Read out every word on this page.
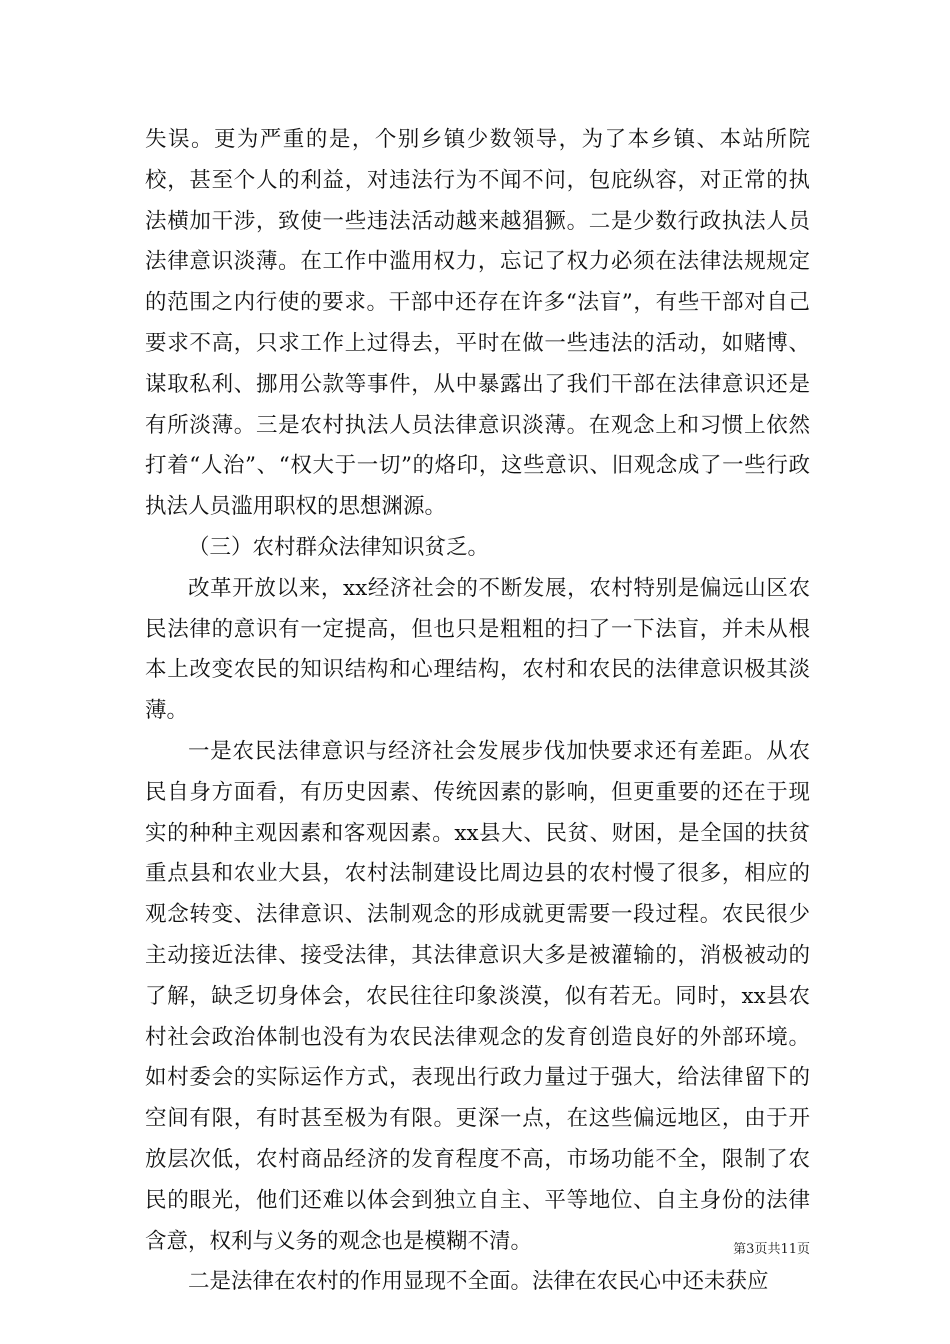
失误。更为严重的是，个别乡镇少数领导，为了本乡镇、本站所院校，甚至个人的利益，对违法行为不闻不问，包庇纵容，对正常的执法横加干涉，致使一些违法活动越来越猖獗。二是少数行政执法人员法律意识淡薄。在工作中滥用权力，忘记了权力必须在法律法规规定的范围之内行使的要求。干部中还存在许多“法盲”，有些干部对自己要求不高，只求工作上过得去，平时在做一些违法的活动，如赌博、谋取私利、挪用公款等事件，从中暴露出了我们干部在法律意识还是有所淡薄。三是农村执法人员法律意识淡薄。在观念上和习惯上依然打着“人治”、“权大于一切”的烙印，这些意识、旧观念成了一些行政执法人员滥用职权的思想渊源。

（三）农村群众法律知识贫乏。

改革开放以来，xx经济社会的不断发展，农村特别是偏远山区农民法律的意识有一定提高，但也只是粗粗的扫了一下法盲，并未从根本上改变农民的知识结构和心理结构，农村和农民的法律意识极其淡薄。

一是农民法律意识与经济社会发展步伐加快要求还有差距。从农民自身方面看，有历史因素、传统因素的影响，但更重要的还在于现实的种种主观因素和客观因素。xx县大、民贫、财困，是全国的扶贫重点县和农业大县，农村法制建设比周边县的农村慢了很多，相应的观念转变、法律意识、法制观念的形成就更需要一段过程。农民很少主动接近法律、接受法律，其法律意识大多是被灌输的，消极被动的了解，缺乏切身体会，农民往往印象淡漠，似有若无。同时，xx县农村社会政治体制也没有为农民法律观念的发育创造良好的外部环境。如村委会的实际运作方式，表现出行政力量过于强大，给法律留下的空间有限，有时甚至极为有限。更深一点，在这些偏远地区，由于开放层次低，农村商品经济的发育程度不高，市场功能不全，限制了农民的眼光，他们还难以体会到独立自主、平等地位、自主身份的法律含意，权利与义务的观念也是模糊不清。

二是法律在农村的作用显现不全面。法律在农民心中还未获应

第3页共11页
